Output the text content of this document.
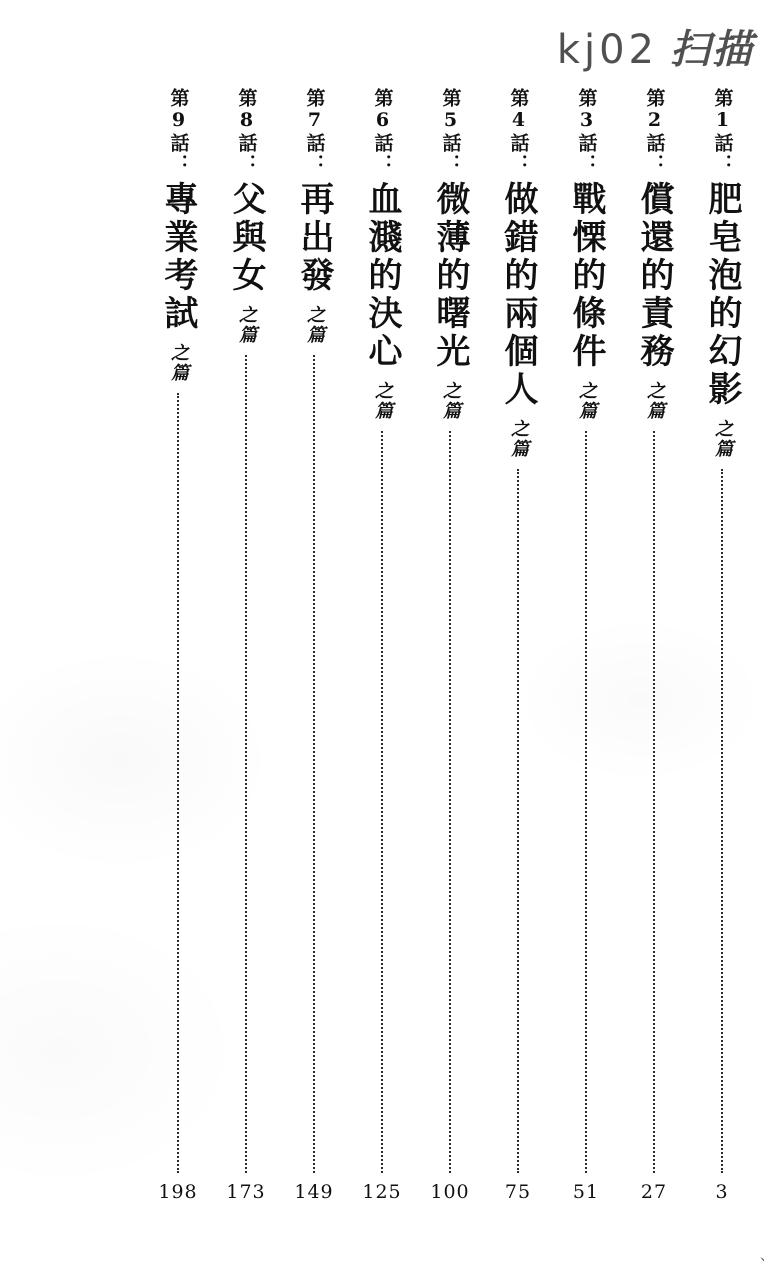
kj02 扫描
第1話：
肥皂泡的幻影
之篇
3
第2話：
償還的責務
之篇
27
第3話：
戰慄的條件
之篇
51
第4話：
做錯的兩個人
之篇
75
第5話：
微薄的曙光
之篇
100
第6話：
血濺的決心
之篇
125
第7話：
再出發
之篇
149
第8話：
父與女
之篇
173
第9話：
專業考試
之篇
198
、
